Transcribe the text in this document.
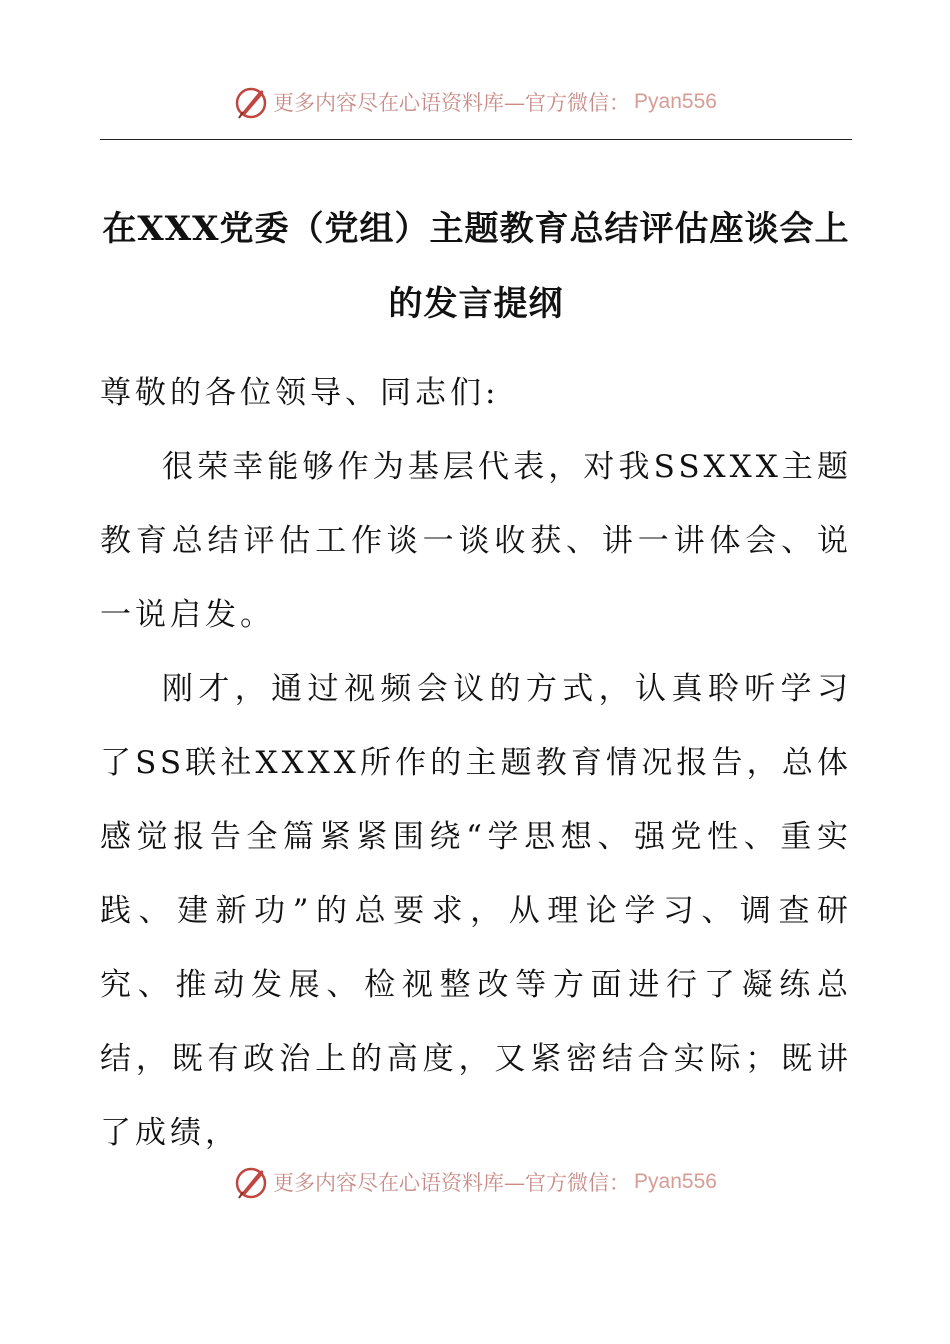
更多内容尽在心语资料库—官方微信： Pyan556
在XXX党委（党组）主题教育总结评估座谈会上
的发言提纲

尊敬的各位领导、同志们:

很荣幸能够作为基层代表，对我SSXXX主题教育总结评估工作谈一谈收获、讲一讲体会、说一说启发。

刚才，通过视频会议的方式，认真聆听学习了SS联社XXXX所作的主题教育情况报告，总体感觉报告全篇紧紧围绕“学思想、强党性、重实践、建新功”的总要求，从理论学习、调查研究、推动发展、检视整改等方面进行了凝练总结，既有政治上的高度，又紧密结合实际；既讲了成绩，

更多内容尽在心语资料库—官方微信： Pyan556
